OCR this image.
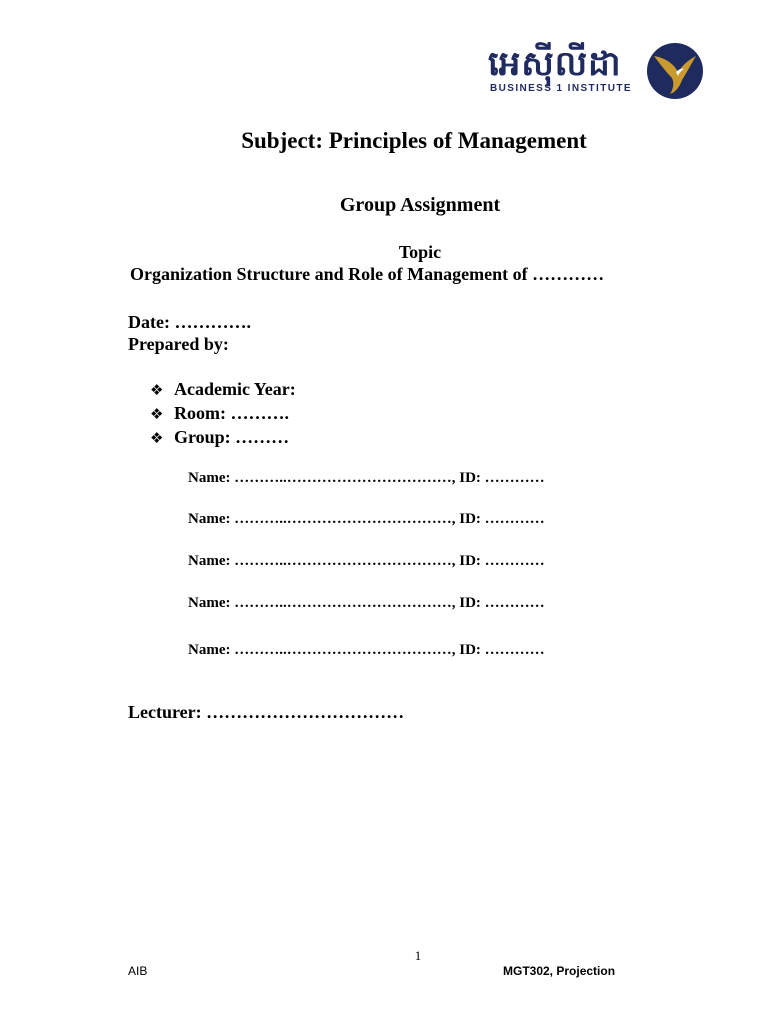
អេស៊ីលីដា
BUSINESS 1 INSTITUTE
Subject: Principles of Management
Group Assignment
Topic
Organization Structure and Role of Management of …………
Date: ………….
Prepared by:
❖ Academic Year:
❖ Room: ……….
❖ Group: ………
Name: ………..……………………………, ID: …………
Name: ………..……………………………, ID: …………
Name: ………..……………………………, ID: …………
Name: ………..……………………………, ID: …………
Name: ………..……………………………, ID: …………
Lecturer: ……………………………
1
AIB	MGT302, Projection
